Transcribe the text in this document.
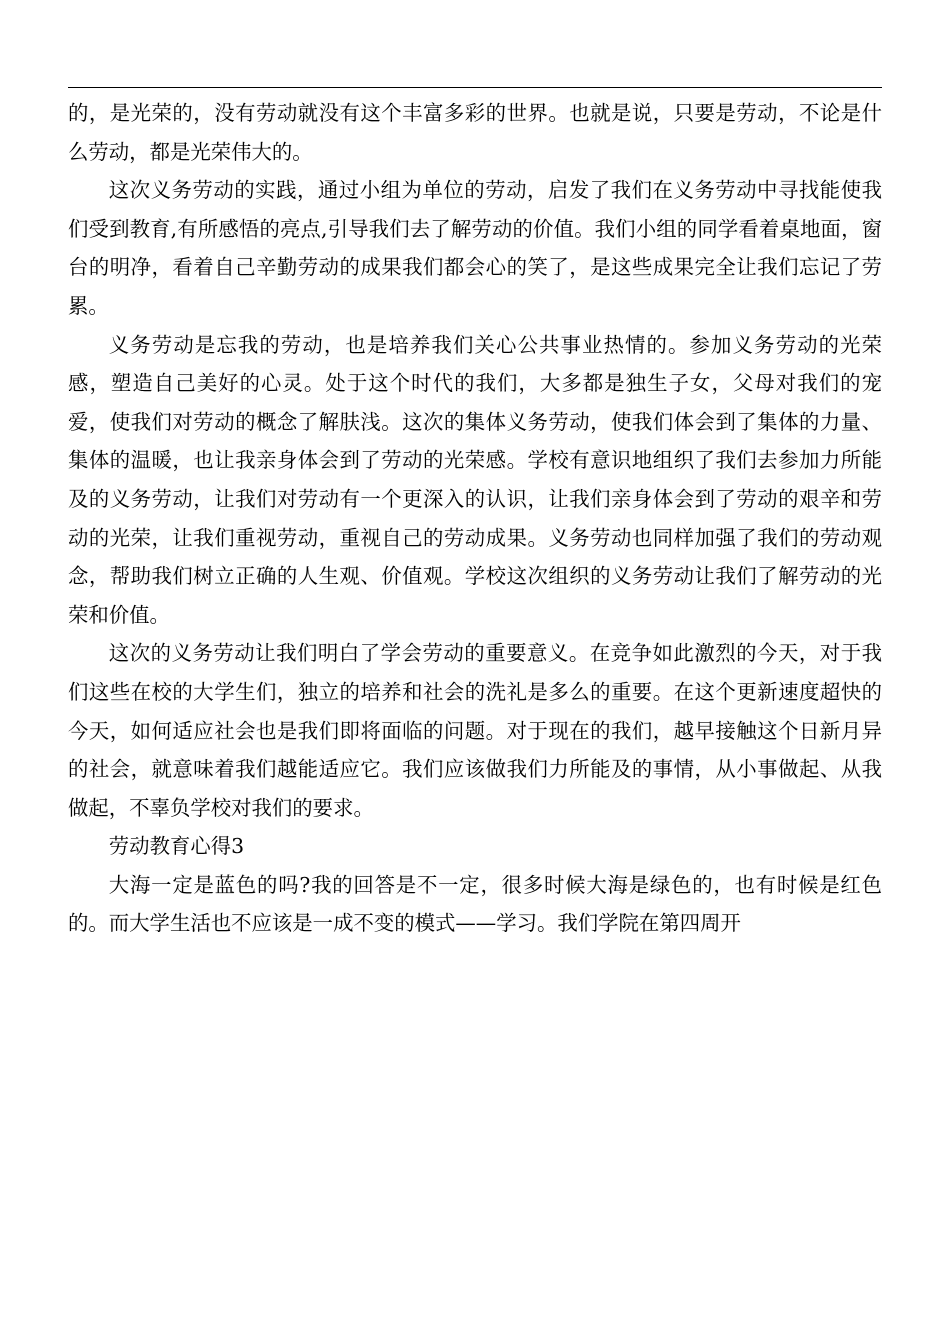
的，是光荣的，没有劳动就没有这个丰富多彩的世界。也就是说，只要是劳动，不论是什么劳动，都是光荣伟大的。

这次义务劳动的实践，通过小组为单位的劳动，启发了我们在义务劳动中寻找能使我们受到教育,有所感悟的亮点,引导我们去了解劳动的价值。我们小组的同学看着桌地面，窗台的明净，看着自己辛勤劳动的成果我们都会心的笑了，是这些成果完全让我们忘记了劳累。

义务劳动是忘我的劳动，也是培养我们关心公共事业热情的。参加义务劳动的光荣感，塑造自己美好的心灵。处于这个时代的我们，大多都是独生子女，父母对我们的宠爱，使我们对劳动的概念了解肤浅。这次的集体义务劳动，使我们体会到了集体的力量、集体的温暖，也让我亲身体会到了劳动的光荣感。学校有意识地组织了我们去参加力所能及的义务劳动，让我们对劳动有一个更深入的认识，让我们亲身体会到了劳动的艰辛和劳动的光荣，让我们重视劳动，重视自己的劳动成果。义务劳动也同样加强了我们的劳动观念，帮助我们树立正确的人生观、价值观。学校这次组织的义务劳动让我们了解劳动的光荣和价值。

这次的义务劳动让我们明白了学会劳动的重要意义。在竞争如此激烈的今天，对于我们这些在校的大学生们，独立的培养和社会的洗礼是多么的重要。在这个更新速度超快的今天，如何适应社会也是我们即将面临的问题。对于现在的我们，越早接触这个日新月异的社会，就意味着我们越能适应它。我们应该做我们力所能及的事情，从小事做起、从我做起，不辜负学校对我们的要求。

劳动教育心得3

大海一定是蓝色的吗?我的回答是不一定，很多时候大海是绿色的，也有时候是红色的。而大学生活也不应该是一成不变的模式——学习。我们学院在第四周开
